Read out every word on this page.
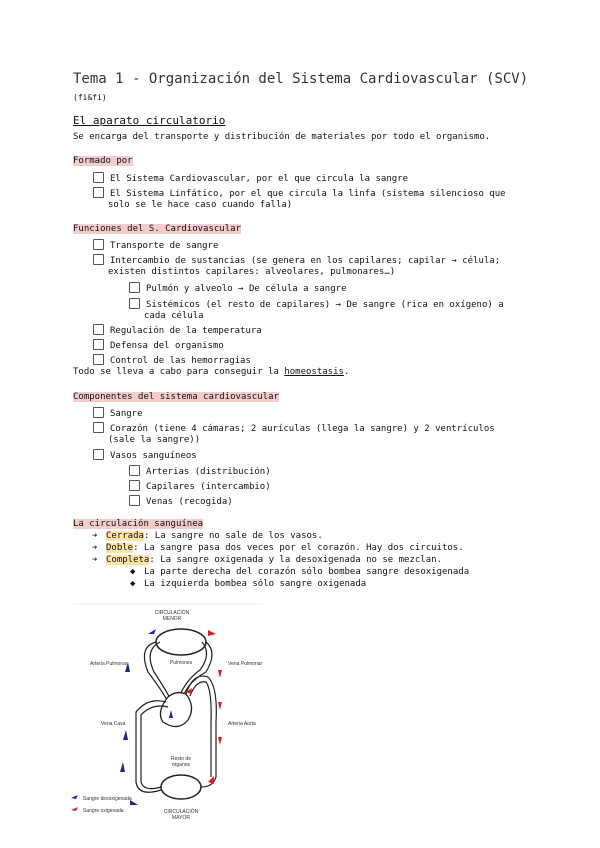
Tema 1 - Organización del Sistema Cardiovascular (SCV)
(fi&fi)
El aparato circulatorio
Se encarga del transporte y distribución de materiales por todo el organismo.
Formado por
El Sistema Cardiovascular, por el que circula la sangre
El Sistema Linfático, por el que circula la linfa (sistema silencioso que
solo se le hace caso cuando falla)
Funciones del S. Cardiovascular
Transporte de sangre
Intercambio de sustancias (se genera en los capilares; capilar → célula;
existen distintos capilares: alveolares, pulmonares…)
Pulmón y alveolo → De célula a sangre
Sistémicos (el resto de capilares) → De sangre (rica en oxígeno) a
cada célula
Regulación de la temperatura
Defensa del organismo
Control de las hemorragias
Todo se lleva a cabo para conseguir la homeostasis.
Componentes del sistema cardiovascular
Sangre
Corazón (tiene 4 cámaras; 2 aurículas (llega la sangre) y 2 ventrículos
(sale la sangre))
Vasos sanguíneos
Arterias (distribución)
Capilares (intercambio)
Venas (recogida)
La circulación sanguínea
➔ Cerrada: La sangre no sale de los vasos.
➔ Doble: La sangre pasa dos veces por el corazón. Hay dos circuitos.
➔ Completa: La sangre oxigenada y la desoxigenada no se mezclan.
◆ La parte derecha del corazón sólo bombea sangre desoxigenada
◆ La izquierda bombea sólo sangre oxigenada
CIRCULACIÓN
MENOR
Pulmones
Arteria Pulmonar	Vena Pulmonar
Vena Cava	Arteria Aorta
Resto de
órganos
Sangre desoxigenada
Sangre oxigenada	CIRCULACIÓN
MAYOR
